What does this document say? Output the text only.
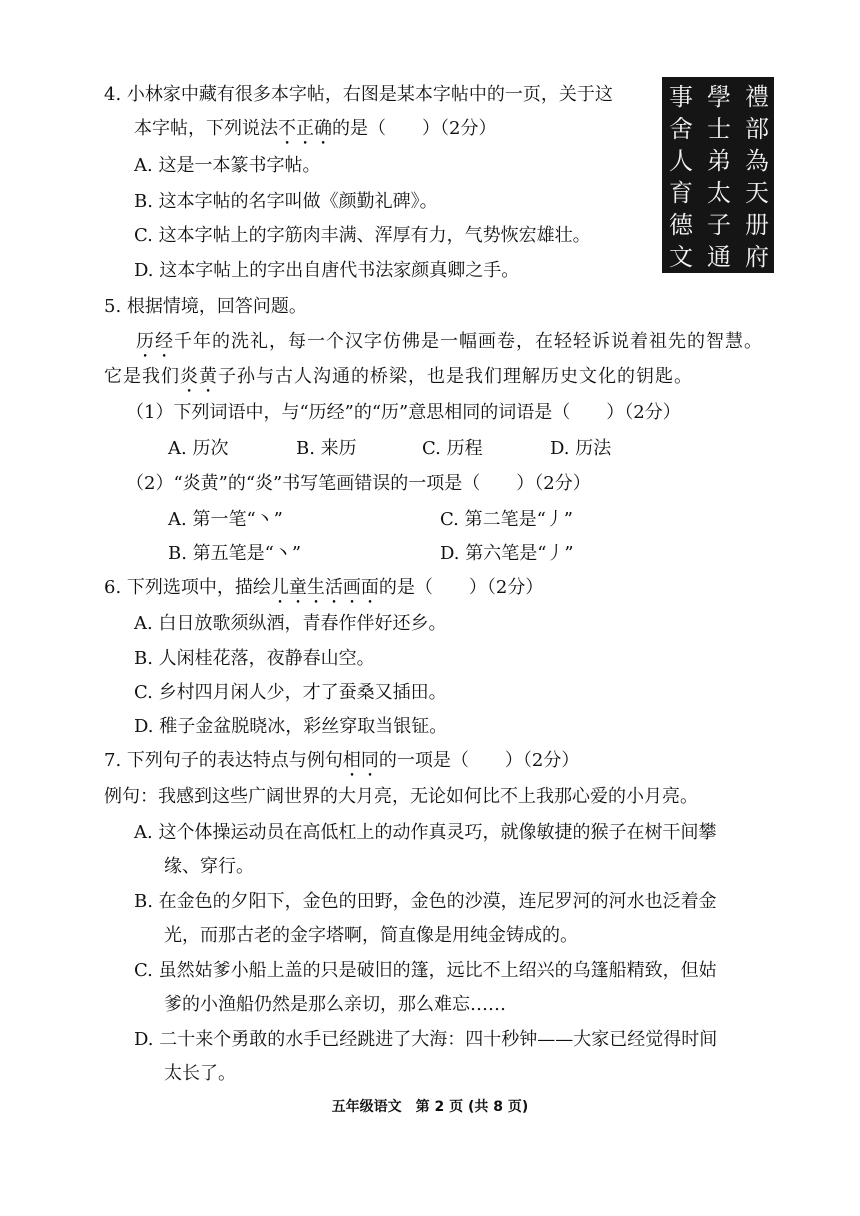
4. 小林家中藏有很多本字帖，右图是某本字帖中的一页，关于这
本字帖，下列说法不正确的是（　　）（2分）
A. 这是一本篆书字帖。
B. 这本字帖的名字叫做《颜勤礼碑》。
C. 这本字帖上的字筋肉丰满、浑厚有力，气势恢宏雄壮。
D. 这本字帖上的字出自唐代书法家颜真卿之手。
禮
部
為
天
册
府
學
士
弟
太
子
通
事
舍
人
育
德
文
5. 根据情境，回答问题。
历经千年的洗礼，每一个汉字仿佛是一幅画卷，在轻轻诉说着祖先的智慧。
它是我们炎黄子孙与古人沟通的桥梁，也是我们理解历史文化的钥匙。
（1）下列词语中，与“历经”的“历”意思相同的词语是（　　）（2分）
A. 历次	B. 来历	C. 历程	D. 历法
（2）“炎黄”的“炎”书写笔画错误的一项是（　　）（2分）
A. 第一笔“丶”	C. 第二笔是“丿”
B. 第五笔是“丶”	D. 第六笔是“丿”
6. 下列选项中，描绘儿童生活画面的是（　　）（2分）
A. 白日放歌须纵酒，青春作伴好还乡。
B. 人闲桂花落，夜静春山空。
C. 乡村四月闲人少，才了蚕桑又插田。
D. 稚子金盆脱晓冰，彩丝穿取当银钲。
7. 下列句子的表达特点与例句相同的一项是（　　）（2分）
例句：我感到这些广阔世界的大月亮，无论如何比不上我那心爱的小月亮。
A. 这个体操运动员在高低杠上的动作真灵巧，就像敏捷的猴子在树干间攀
缘、穿行。
B. 在金色的夕阳下，金色的田野，金色的沙漠，连尼罗河的河水也泛着金
光，而那古老的金字塔啊，简直像是用纯金铸成的。
C. 虽然姑爹小船上盖的只是破旧的篷，远比不上绍兴的乌篷船精致，但姑
爹的小渔船仍然是那么亲切，那么难忘……
D. 二十来个勇敢的水手已经跳进了大海：四十秒钟——大家已经觉得时间
太长了。
五年级语文　第 2 页 (共 8 页)
